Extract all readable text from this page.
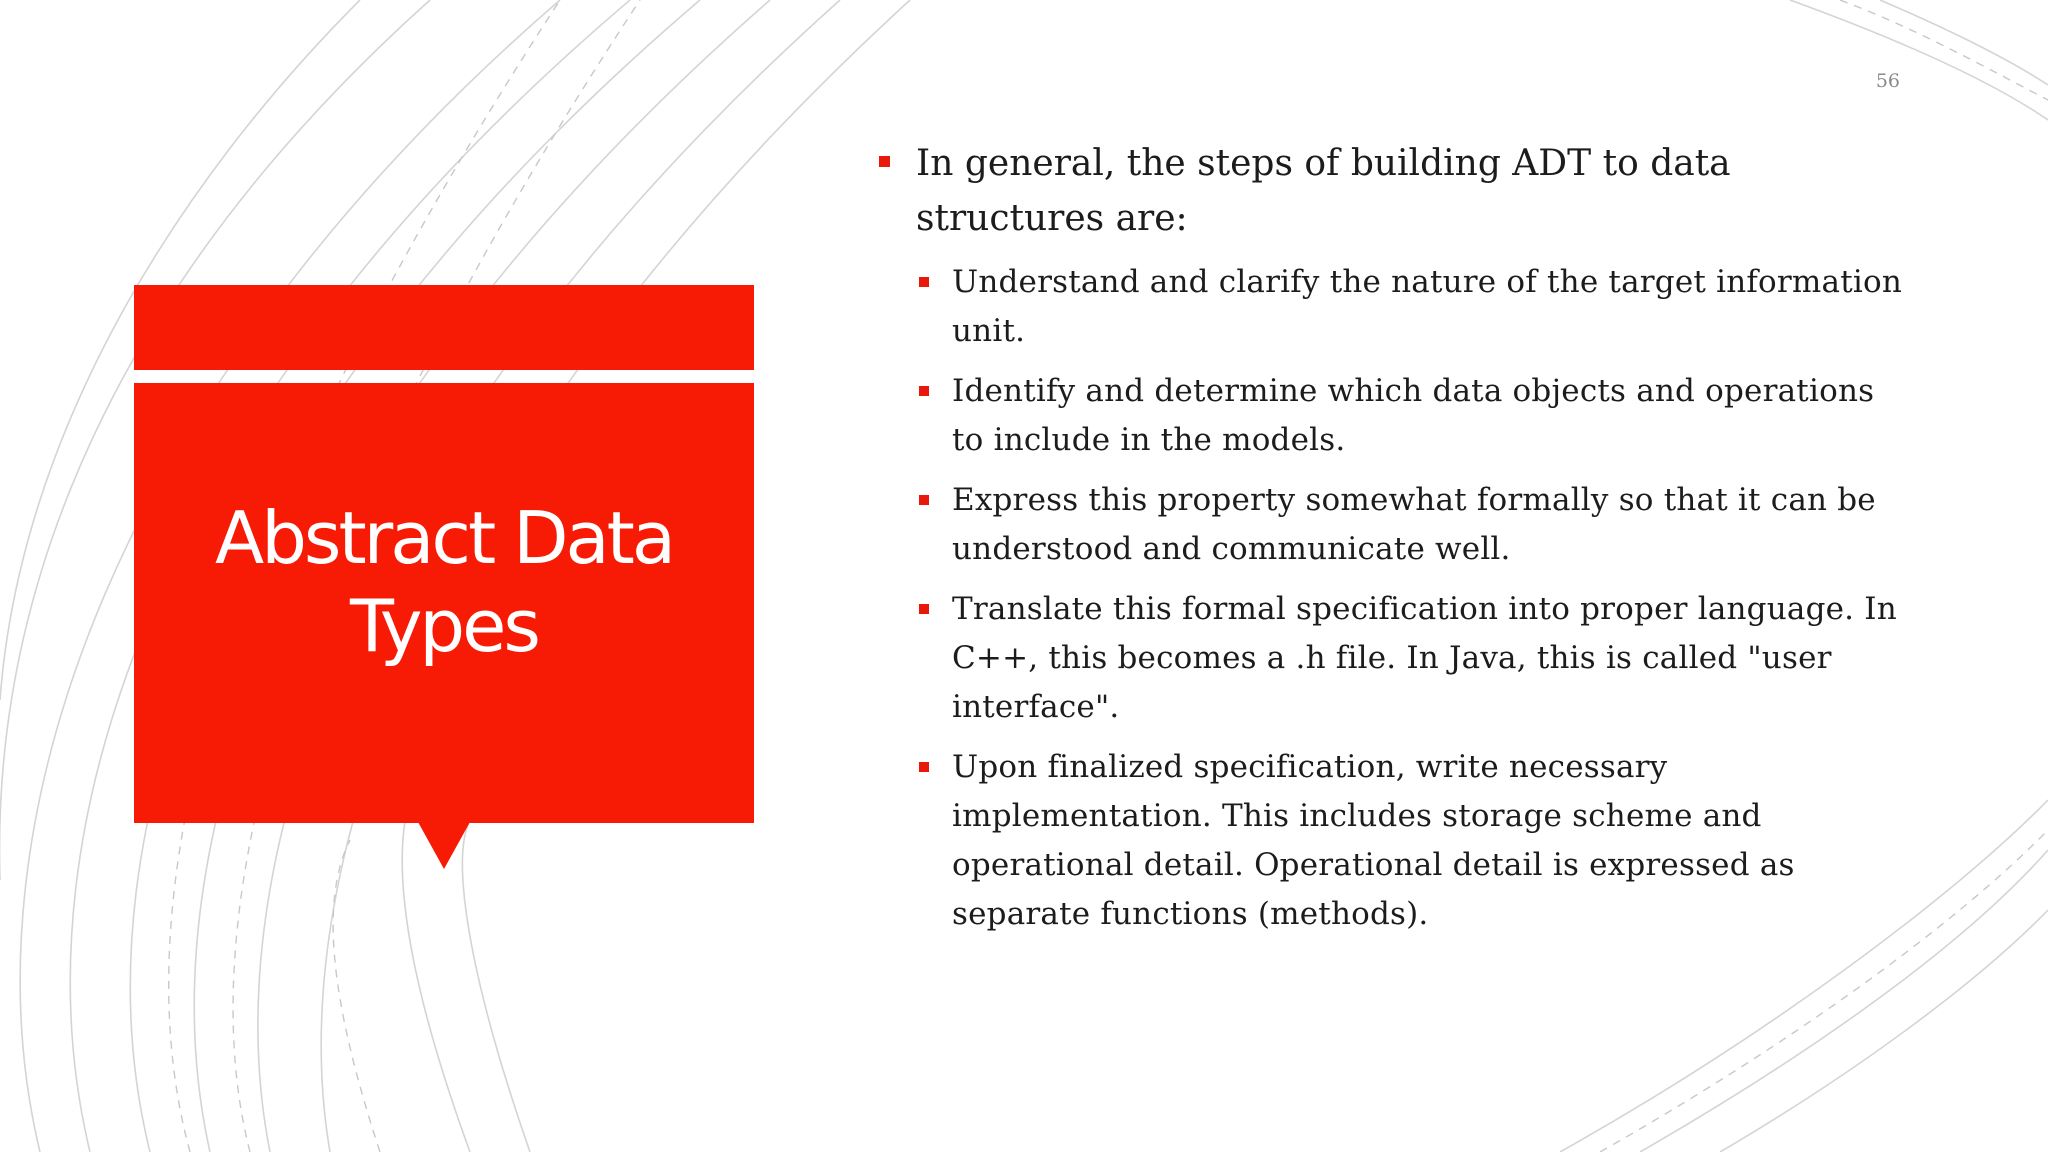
56
Abstract Data
Types
In general, the steps of building ADT to data structures are:
Understand and clarify the nature of the target information unit.
Identify and determine which data objects and operations to include in the models.
Express this property somewhat formally so that it can be understood and communicate well.
Translate this formal specification into proper language. In C++, this becomes a .h file. In Java, this is called "user interface".
Upon finalized specification, write necessary implementation. This includes storage scheme and operational detail. Operational detail is expressed as separate functions (methods).
